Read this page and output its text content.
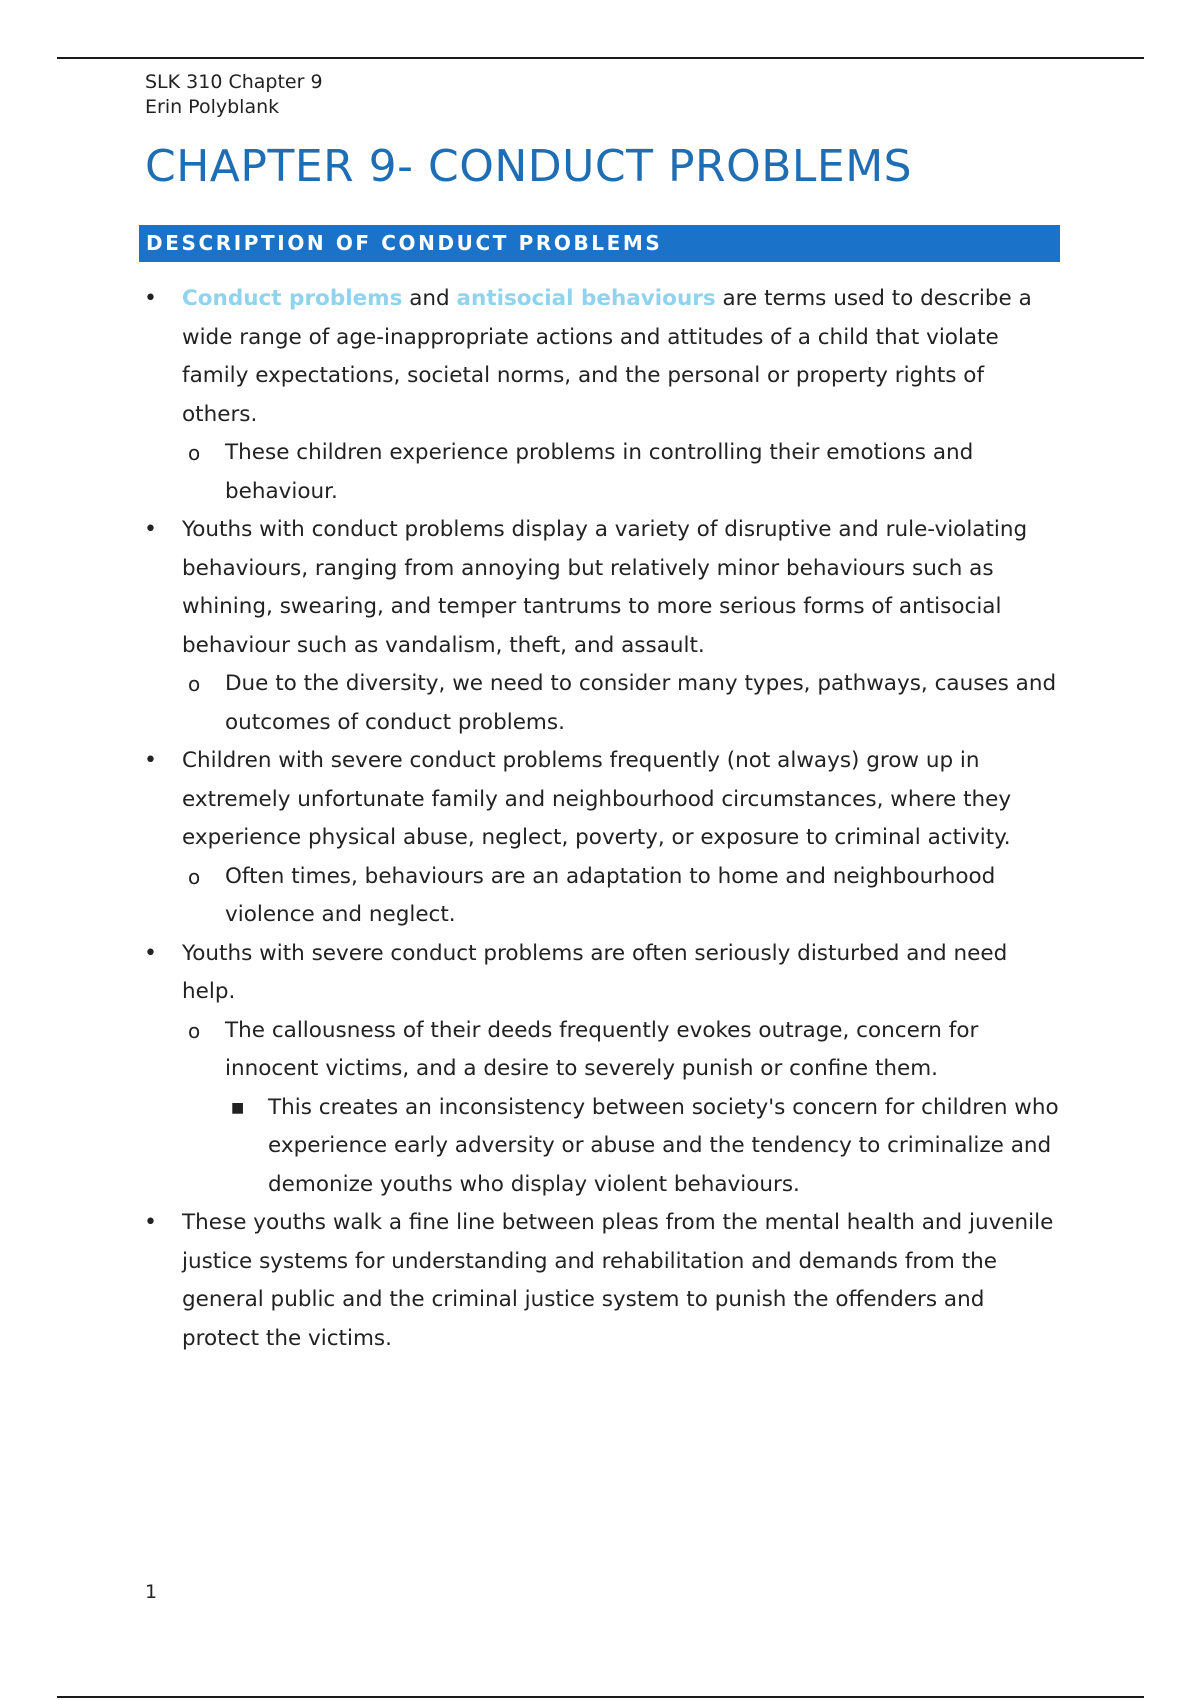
SLK 310 Chapter 9
Erin Polyblank
CHAPTER 9- CONDUCT PROBLEMS
DESCRIPTION OF CONDUCT PROBLEMS
• Conduct problems and antisocial behaviours are terms used to describe a wide range of age-inappropriate actions and attitudes of a child that violate family expectations, societal norms, and the personal or property rights of others.
o These children experience problems in controlling their emotions and behaviour.
• Youths with conduct problems display a variety of disruptive and rule-violating behaviours, ranging from annoying but relatively minor behaviours such as whining, swearing, and temper tantrums to more serious forms of antisocial behaviour such as vandalism, theft, and assault.
o Due to the diversity, we need to consider many types, pathways, causes and outcomes of conduct problems.
• Children with severe conduct problems frequently (not always) grow up in extremely unfortunate family and neighbourhood circumstances, where they experience physical abuse, neglect, poverty, or exposure to criminal activity.
o Often times, behaviours are an adaptation to home and neighbourhood violence and neglect.
• Youths with severe conduct problems are often seriously disturbed and need help.
o The callousness of their deeds frequently evokes outrage, concern for innocent victims, and a desire to severely punish or confine them.
■ This creates an inconsistency between society's concern for children who experience early adversity or abuse and the tendency to criminalize and demonize youths who display violent behaviours.
• These youths walk a fine line between pleas from the mental health and juvenile justice systems for understanding and rehabilitation and demands from the general public and the criminal justice system to punish the offenders and protect the victims.
1
